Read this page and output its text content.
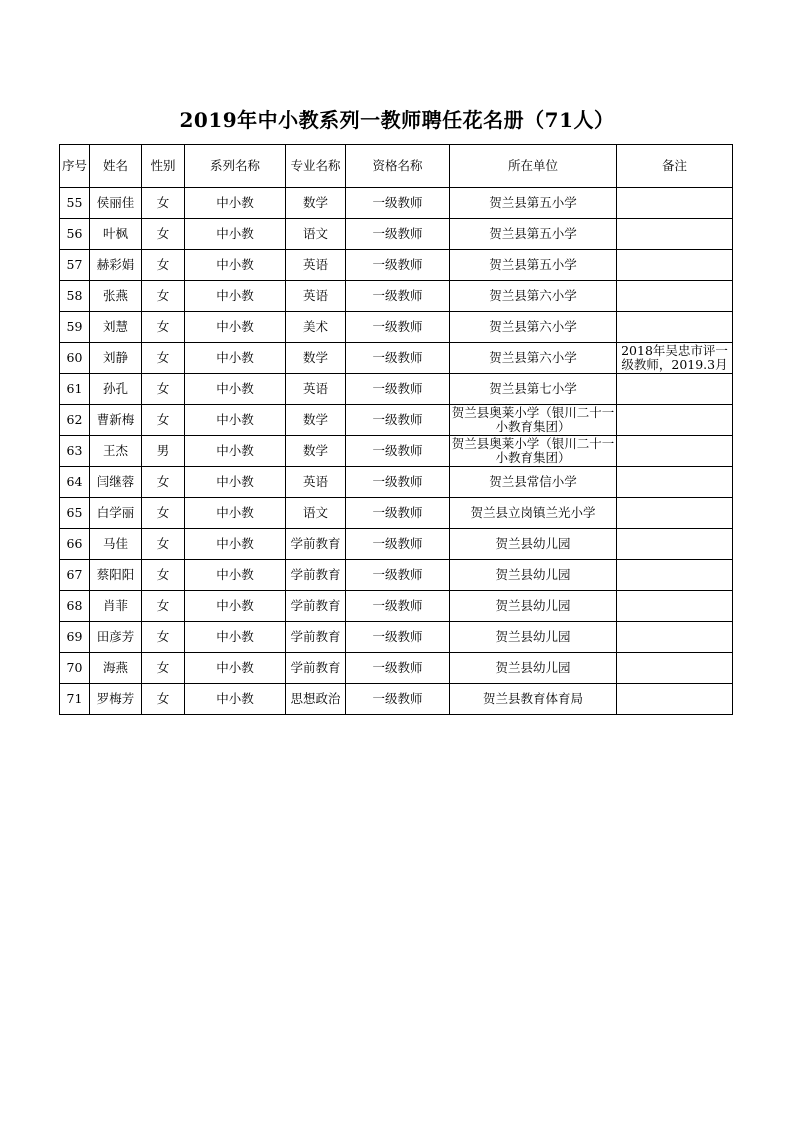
2019年中小教系列一教师聘任花名册（71人）
序号	姓名	性别	系列名称	专业名称	资格名称	所在单位	备注
55	侯丽佳	女	中小教	数学	一级教师	贺兰县第五小学	
56	叶枫	女	中小教	语文	一级教师	贺兰县第五小学	
57	赫彩娟	女	中小教	英语	一级教师	贺兰县第五小学	
58	张燕	女	中小教	英语	一级教师	贺兰县第六小学	
59	刘慧	女	中小教	美术	一级教师	贺兰县第六小学	
60	刘静	女	中小教	数学	一级教师	贺兰县第六小学	2018年吴忠市评一级教师，2019.3月
61	孙孔	女	中小教	英语	一级教师	贺兰县第七小学	
62	曹新梅	女	中小教	数学	一级教师	贺兰县奥莱小学（银川二十一小教育集团）	
63	王杰	男	中小教	数学	一级教师	贺兰县奥莱小学（银川二十一小教育集团）	
64	闫继蓉	女	中小教	英语	一级教师	贺兰县常信小学	
65	白学丽	女	中小教	语文	一级教师	贺兰县立岗镇兰光小学	
66	马佳	女	中小教	学前教育	一级教师	贺兰县幼儿园	
67	蔡阳阳	女	中小教	学前教育	一级教师	贺兰县幼儿园	
68	肖菲	女	中小教	学前教育	一级教师	贺兰县幼儿园	
69	田彦芳	女	中小教	学前教育	一级教师	贺兰县幼儿园	
70	海燕	女	中小教	学前教育	一级教师	贺兰县幼儿园	
71	罗梅芳	女	中小教	思想政治	一级教师	贺兰县教育体育局	
